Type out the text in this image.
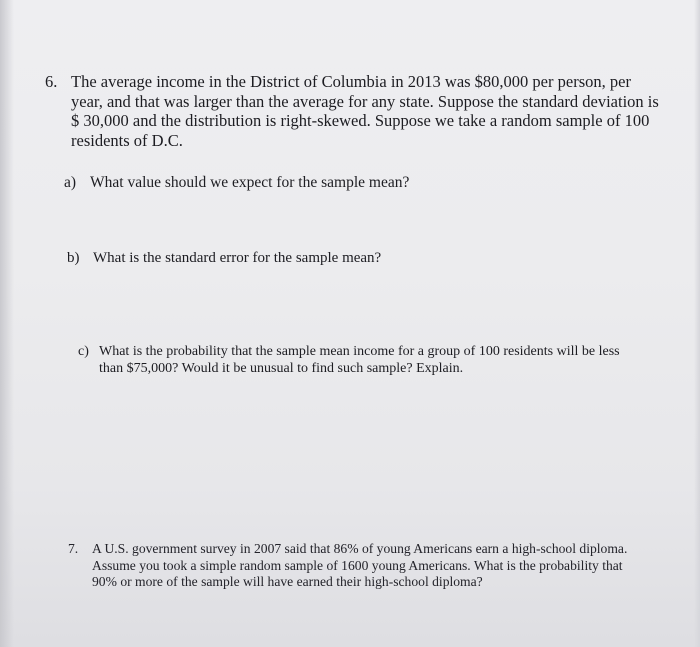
6. The average income in the District of Columbia in 2013 was $80,000 per person, per year, and that was larger than the average for any state. Suppose the standard deviation is $ 30,000 and the distribution is right-skewed. Suppose we take a random sample of 100 residents of D.C.
a) What value should we expect for the sample mean?
b) What is the standard error for the sample mean?
c) What is the probability that the sample mean income for a group of 100 residents will be less than $75,000? Would it be unusual to find such sample? Explain.
7. A U.S. government survey in 2007 said that 86% of young Americans earn a high-school diploma. Assume you took a simple random sample of 1600 young Americans. What is the probability that 90% or more of the sample will have earned their high-school diploma?
